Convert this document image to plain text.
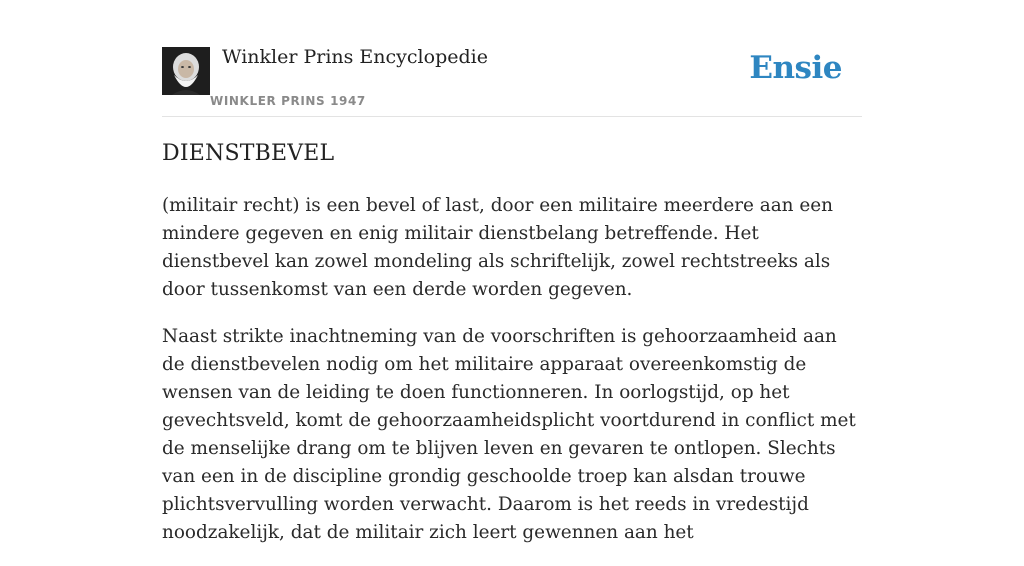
Winkler Prins Encyclopedie
WINKLER PRINS 1947
Ensie
DIENSTBEVEL

(militair recht) is een bevel of last, door een militaire meerdere aan een mindere gegeven en enig militair dienstbelang betreffende. Het dienstbevel kan zowel mondeling als schriftelijk, zowel rechtstreeks als door tussenkomst van een derde worden gegeven.

Naast strikte inachtneming van de voorschriften is gehoorzaamheid aan de dienstbevelen nodig om het militaire apparaat overeenkomstig de wensen van de leiding te doen functionneren. In oorlogstijd, op het gevechtsveld, komt de gehoorzaamheidsplicht voortdurend in conflict met de menselijke drang om te blijven leven en gevaren te ontlopen. Slechts van een in de discipline grondig geschoolde troep kan alsdan trouwe plichtsvervulling worden verwacht. Daarom is het reeds in vredestijd noodzakelijk, dat de militair zich leert gewennen aan het
